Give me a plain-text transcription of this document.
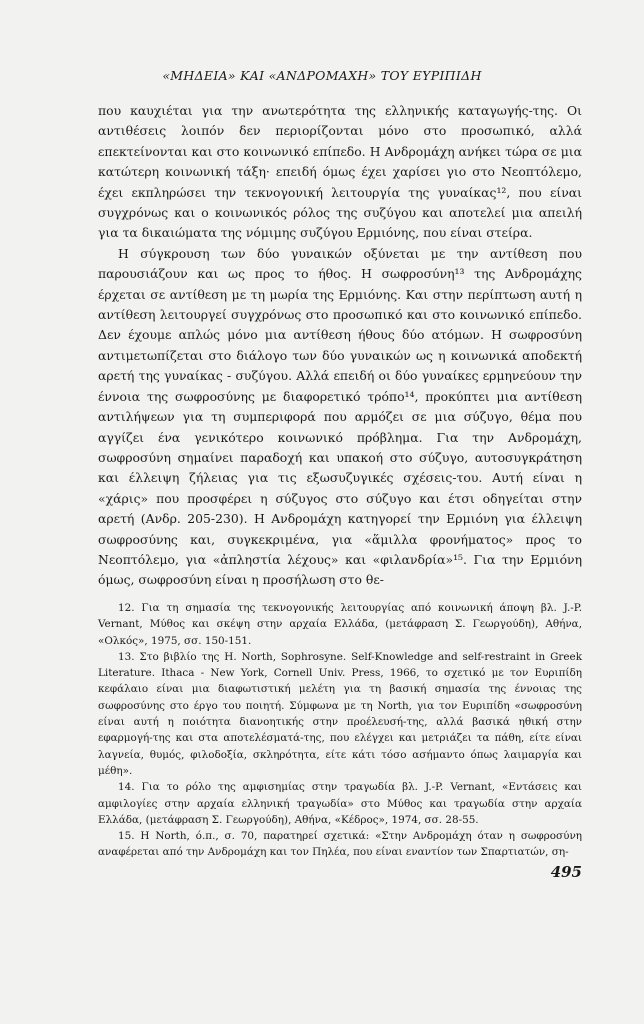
«ΜΗΔΕΙΑ» ΚΑΙ «ΑΝΔΡΟΜΑΧΗ» ΤΟΥ ΕΥΡΙΠΙΔΗ

που καυχιέται για την ανωτερότητα της ελληνικής καταγωγής-της. Οι αντιθέσεις λοιπόν δεν περιορίζονται μόνο στο προσωπικό, αλλά επεκτείνονται και στο κοινωνικό επίπεδο. Η Ανδρομάχη ανήκει τώρα σε μια κατώτερη κοινωνική τάξη· επειδή όμως έχει χαρίσει γιο στο Νεοπτόλεμο, έχει εκπληρώσει την τεκνογονική λειτουργία της γυναίκας¹², που είναι συγχρόνως και ο κοινωνικός ρόλος της συζύγου και αποτελεί μια απειλή για τα δικαιώματα της νόμιμης συζύγου Ερμιόνης, που είναι στείρα.

Η σύγκρουση των δύο γυναικών οξύνεται με την αντίθεση που παρουσιάζουν και ως προς το ήθος. Η σωφροσύνη¹³ της Ανδρομάχης έρχεται σε αντίθεση με τη μωρία της Ερμιόνης. Και στην περίπτωση αυτή η αντίθεση λειτουργεί συγχρόνως στο προσωπικό και στο κοινωνικό επίπεδο. Δεν έχουμε απλώς μόνο μια αντίθεση ήθους δύο ατόμων. Η σωφροσύνη αντιμετωπίζεται στο διάλογο των δύο γυναικών ως η κοινωνικά αποδεκτή αρετή της γυναίκας - συζύγου. Αλλά επειδή οι δύο γυναίκες ερμηνεύουν την έννοια της σωφροσύνης με διαφορετικό τρόπο¹⁴, προκύπτει μια αντίθεση αντιλήψεων για τη συμπεριφορά που αρμόζει σε μια σύζυγο, θέμα που αγγίζει ένα γενικότερο κοινωνικό πρόβλημα. Για την Ανδρομάχη, σωφροσύνη σημαίνει παραδοχή και υπακοή στο σύζυγο, αυτοσυγκράτηση και έλλειψη ζήλειας για τις εξωσυζυγικές σχέσεις-του. Αυτή είναι η «χάρις» που προσφέρει η σύζυγος στο σύζυγο και έτσι οδηγείται στην αρετή (Ανδρ. 205-230). Η Ανδρομάχη κατηγορεί την Ερμιόνη για έλλειψη σωφροσύνης και, συγκεκριμένα, για «ἅμιλλα φρονήματος» προς το Νεοπτόλεμο, για «ἀπληστία λέχους» και «φιλανδρία»¹⁵. Για την Ερμιόνη όμως, σωφροσύνη είναι η προσήλωση στο θε-

12. Για τη σημασία της τεκνογονικής λειτουργίας από κοινωνική άποψη βλ. J.-P. Vernant, Μύθος και σκέψη στην αρχαία Ελλάδα, (μετάφραση Σ. Γεωργούδη), Αθήνα, «Ολκός», 1975, σσ. 150-151.

13. Στο βιβλίο της H. North, Sophrosyne. Self-Knowledge and self-restraint in Greek Literature. Ithaca - New York, Cornell Univ. Press, 1966, το σχετικό με τον Ευριπίδη κεφάλαιο είναι μια διαφωτιστική μελέτη για τη βασική σημασία της έννοιας της σωφροσύνης στο έργο του ποιητή. Σύμφωνα με τη North, για τον Ευριπίδη «σωφροσύνη είναι αυτή η ποιότητα διανοητικής στην προέλευσή-της, αλλά βασικά ηθική στην εφαρμογή-της και στα αποτελέσματά-της, που ελέγχει και μετριάζει τα πάθη, είτε είναι λαγνεία, θυμός, φιλοδοξία, σκληρότητα, είτε κάτι τόσο ασήμαντο όπως λαιμαργία και μέθη».

14. Για το ρόλο της αμφισημίας στην τραγωδία βλ. J.-P. Vernant, «Εντάσεις και αμφιλογίες στην αρχαία ελληνική τραγωδία» στο Μύθος και τραγωδία στην αρχαία Ελλάδα, (μετάφραση Σ. Γεωργούδη), Αθήνα, «Κέδρος», 1974, σσ. 28-55.

15. Η North, ό.π., σ. 70, παρατηρεί σχετικά: «Στην Ανδρομάχη όταν η σωφροσύνη αναφέρεται από την Ανδρομάχη και τον Πηλέα, που είναι εναντίον των Σπαρτιατών, ση-

495
